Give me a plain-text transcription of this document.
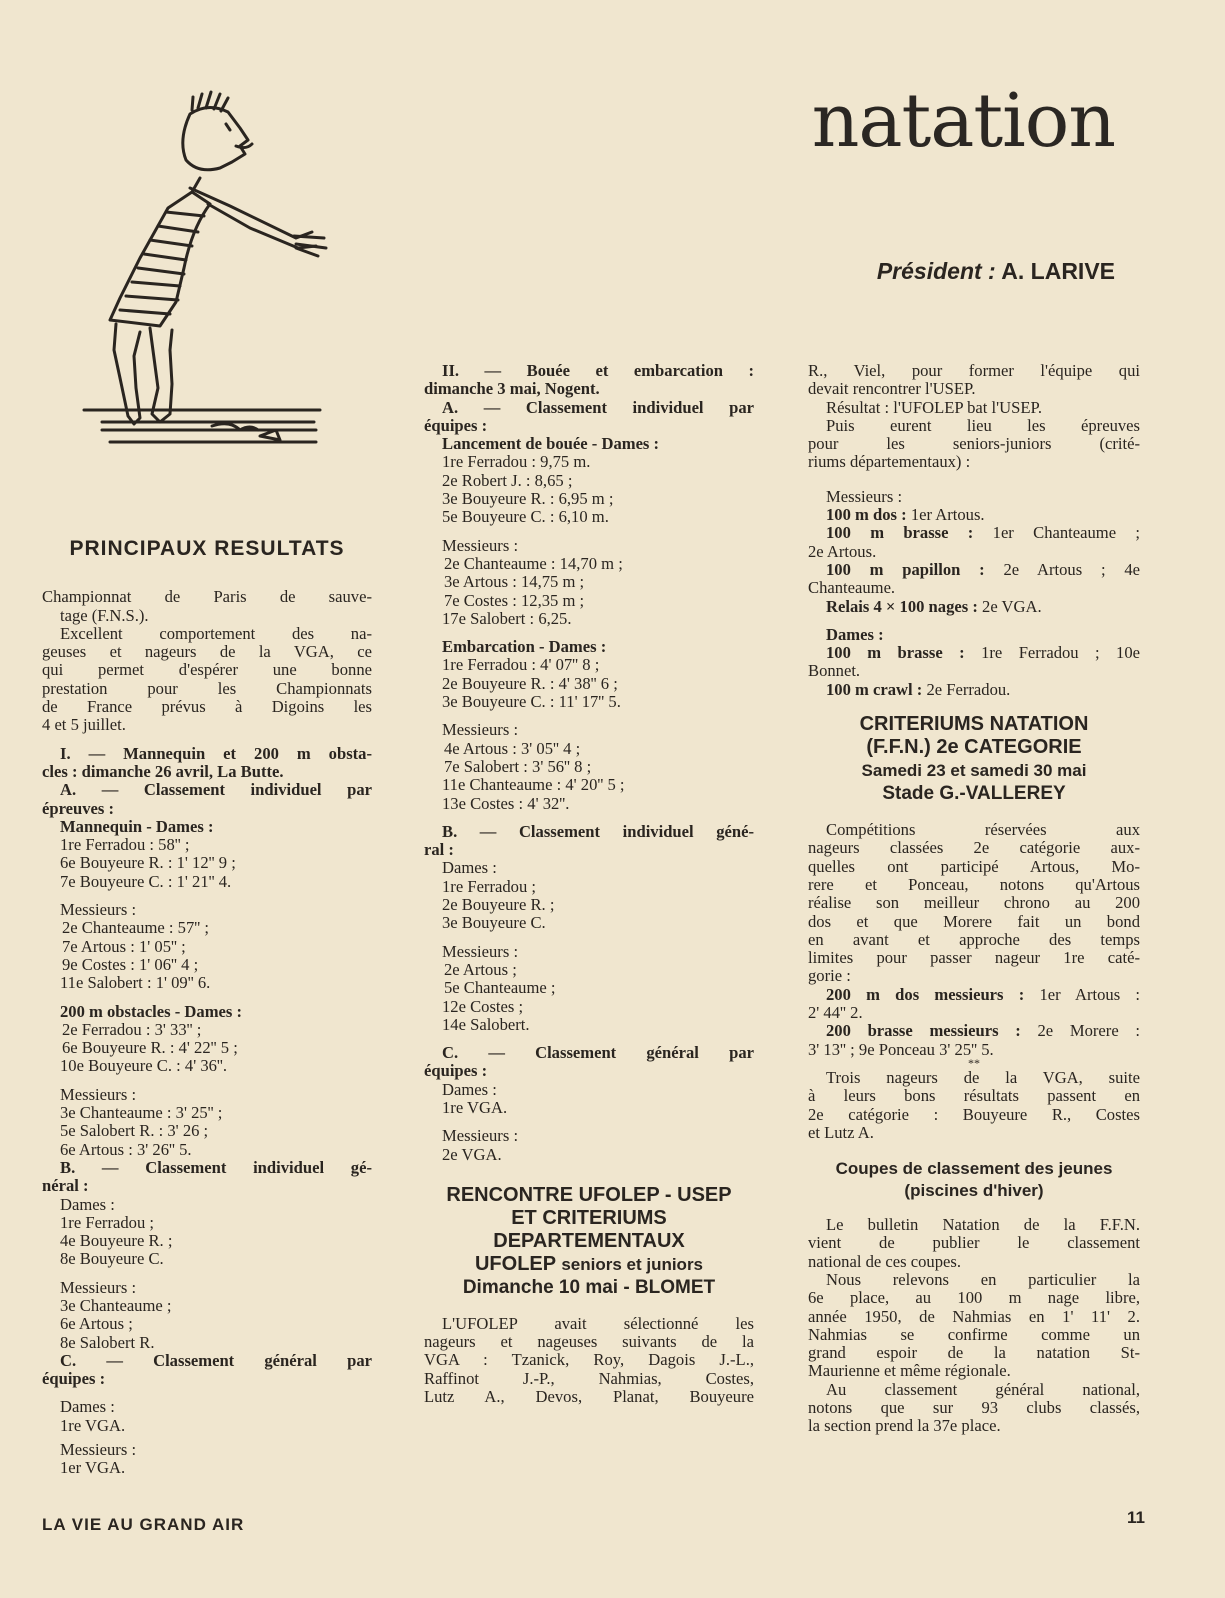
natation
Président : A. LARIVE
PRINCIPAUX RESULTATS
Championnat de Paris de sauve-
tage (F.N.S.).
Excellent comportement des na-
geuses et nageurs de la VGA, ce
qui permet d'espérer une bonne
prestation pour les Championnats
de France prévus à Digoins les
4 et 5 juillet.
I. — Mannequin et 200 m obsta-
cles : dimanche 26 avril, La Butte.
A. — Classement individuel par
épreuves :
Mannequin - Dames :
1re Ferradou : 58'' ;
6e Bouyeure R. : 1' 12'' 9 ;
7e Bouyeure C. : 1' 21'' 4.
Messieurs :
2e Chanteaume : 57'' ;
7e Artous : 1' 05'' ;
9e Costes : 1' 06'' 4 ;
11e Salobert : 1' 09'' 6.
200 m obstacles - Dames :
2e Ferradou : 3' 33'' ;
6e Bouyeure R. : 4' 22'' 5 ;
10e Bouyeure C. : 4' 36''.
Messieurs :
3e Chanteaume : 3' 25'' ;
5e Salobert R. : 3' 26 ;
6e Artous : 3' 26'' 5.
B. — Classement individuel gé-
néral :
Dames :
1re Ferradou ;
4e Bouyeure R. ;
8e Bouyeure C.
Messieurs :
3e Chanteaume ;
6e Artous ;
8e Salobert R.
C. — Classement général par
équipes :
Dames :
1re VGA.
Messieurs :
1er VGA.
II. — Bouée et embarcation :
dimanche 3 mai, Nogent.
A. — Classement individuel par
équipes :
Lancement de bouée - Dames :
1re Ferradou : 9,75 m.
2e Robert J. : 8,65 ;
3e Bouyeure R. : 6,95 m ;
5e Bouyeure C. : 6,10 m.
Messieurs :
2e Chanteaume : 14,70 m ;
3e Artous : 14,75 m ;
7e Costes : 12,35 m ;
17e Salobert : 6,25.
Embarcation - Dames :
1re Ferradou : 4' 07'' 8 ;
2e Bouyeure R. : 4' 38'' 6 ;
3e Bouyeure C. : 11' 17'' 5.
Messieurs :
4e Artous : 3' 05'' 4 ;
7e Salobert : 3' 56'' 8 ;
11e Chanteaume : 4' 20'' 5 ;
13e Costes : 4' 32''.
B. — Classement individuel géné-
ral :
Dames :
1re Ferradou ;
2e Bouyeure R. ;
3e Bouyeure C.
Messieurs :
2e Artous ;
5e Chanteaume ;
12e Costes ;
14e Salobert.
C. — Classement général par
équipes :
Dames :
1re VGA.
Messieurs :
2e VGA.
RENCONTRE UFOLEP - USEP
ET CRITERIUMS
DEPARTEMENTAUX
UFOLEP seniors et juniors
Dimanche 10 mai - BLOMET
L'UFOLEP avait sélectionné les
nageurs et nageuses suivants de la
VGA : Tzanick, Roy, Dagois J.-L.,
Raffinot J.-P., Nahmias, Costes,
Lutz A., Devos, Planat, Bouyeure
R., Viel, pour former l'équipe qui
devait rencontrer l'USEP.
Résultat : l'UFOLEP bat l'USEP.
Puis eurent lieu les épreuves
pour les seniors-juniors (crité-
riums départementaux) :
Messieurs :
100 m dos : 1er Artous.
100 m brasse : 1er Chanteaume ;
2e Artous.
100 m papillon : 2e Artous ; 4e
Chanteaume.
Relais 4 × 100 nages : 2e VGA.
Dames :
100 m brasse : 1re Ferradou ; 10e
Bonnet.
100 m crawl : 2e Ferradou.
CRITERIUMS NATATION
(F.F.N.) 2e CATEGORIE
Samedi 23 et samedi 30 mai
Stade G.-VALLEREY
Compétitions réservées aux
nageurs classées 2e catégorie aux-
quelles ont participé Artous, Mo-
rere et Ponceau, notons qu'Artous
réalise son meilleur chrono au 200
dos et que Morere fait un bond
en avant et approche des temps
limites pour passer nageur 1re caté-
gorie :
200 m dos messieurs : 1er Artous :
2' 44'' 2.
200 brasse messieurs : 2e Morere :
3' 13'' ; 9e Ponceau 3' 25'' 5.
**
Trois nageurs de la VGA, suite
à leurs bons résultats passent en
2e catégorie : Bouyeure R., Costes
et Lutz A.
Coupes de classement des jeunes
(piscines d'hiver)
Le bulletin Natation de la F.F.N.
vient de publier le classement
national de ces coupes.
Nous relevons en particulier la
6e place, au 100 m nage libre,
année 1950, de Nahmias en 1' 11' 2.
Nahmias se confirme comme un
grand espoir de la natation St-
Maurienne et même régionale.
Au classement général national,
notons que sur 93 clubs classés,
la section prend la 37e place.
LA VIE AU GRAND AIR	11
